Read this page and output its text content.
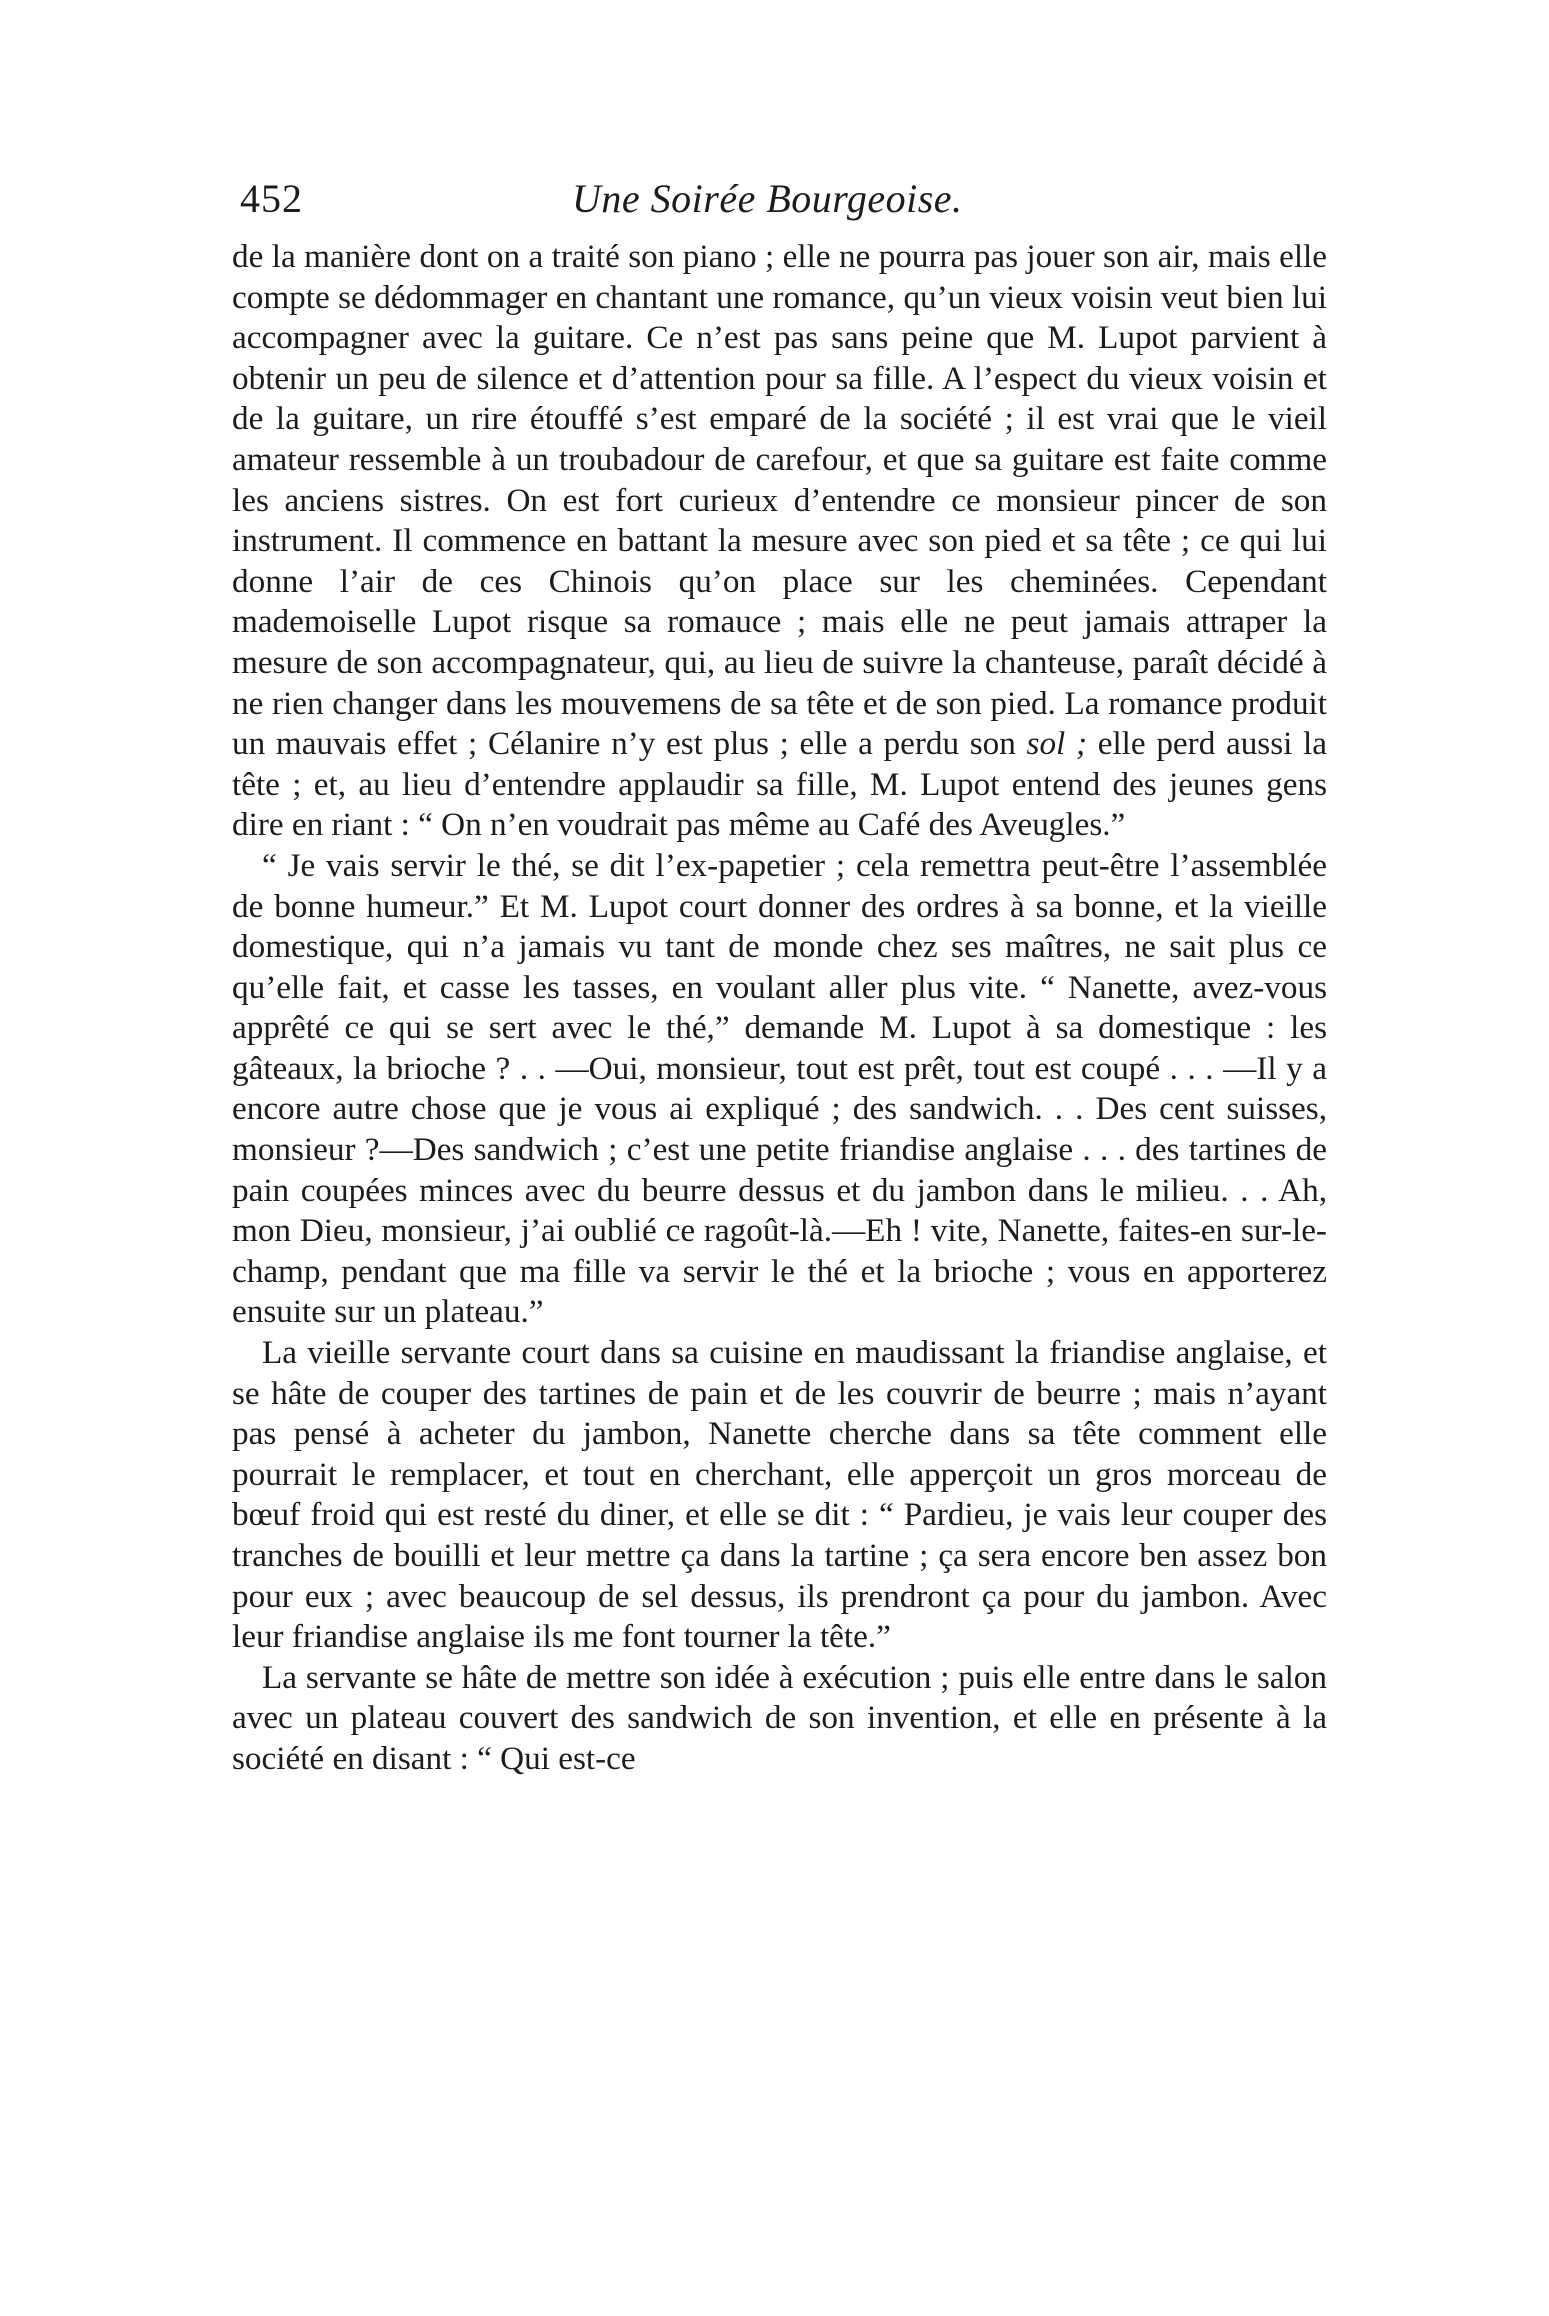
452	Une Soirée Bourgeoise.

de la manière dont on a traité son piano ; elle ne pourra pas jouer son air, mais elle compte se dédommager en chantant une romance, qu’un vieux voisin veut bien lui accompagner avec la guitare. Ce n’est pas sans peine que M. Lupot parvient à obtenir un peu de silence et d’attention pour sa fille. A l’espect du vieux voisin et de la guitare, un rire étouffé s’est emparé de la société ; il est vrai que le vieil amateur ressemble à un troubadour de carefour, et que sa guitare est faite comme les anciens sistres. On est fort curieux d’entendre ce monsieur pincer de son instrument. Il commence en battant la mesure avec son pied et sa tête ; ce qui lui donne l’air de ces Chinois qu’on place sur les cheminées. Cependant mademoiselle Lupot risque sa romauce ; mais elle ne peut jamais attraper la mesure de son accompagnateur, qui, au lieu de suivre la chanteuse, paraît décidé à ne rien changer dans les mouvemens de sa tête et de son pied. La romance produit un mauvais effet ; Célanire n’y est plus ; elle a perdu son sol ; elle perd aussi la tête ; et, au lieu d’entendre applaudir sa fille, M. Lupot entend des jeunes gens dire en riant : “ On n’en voudrait pas même au Café des Aveugles.”

“ Je vais servir le thé, se dit l’ex-papetier ; cela remettra peut-être l’assemblée de bonne humeur.” Et M. Lupot court donner des ordres à sa bonne, et la vieille domestique, qui n’a jamais vu tant de monde chez ses maîtres, ne sait plus ce qu’elle fait, et casse les tasses, en voulant aller plus vite. “ Nanette, avez-vous apprêté ce qui se sert avec le thé,” demande M. Lupot à sa domestique : les gâteaux, la brioche ? . . —Oui, monsieur, tout est prêt, tout est coupé . . . —Il y a encore autre chose que je vous ai expliqué ; des sandwich. . . Des cent suisses, monsieur ?—Des sandwich ; c’est une petite friandise anglaise . . . des tartines de pain coupées minces avec du beurre dessus et du jambon dans le milieu. . . Ah, mon Dieu, monsieur, j’ai oublié ce ragoût-là.—Eh ! vite, Nanette, faites-en sur-le-champ, pendant que ma fille va servir le thé et la brioche ; vous en apporterez ensuite sur un plateau.”

La vieille servante court dans sa cuisine en maudissant la friandise anglaise, et se hâte de couper des tartines de pain et de les couvrir de beurre ; mais n’ayant pas pensé à acheter du jambon, Nanette cherche dans sa tête comment elle pourrait le remplacer, et tout en cherchant, elle apperçoit un gros morceau de bœuf froid qui est resté du diner, et elle se dit : “ Pardieu, je vais leur couper des tranches de bouilli et leur mettre ça dans la tartine ; ça sera encore ben assez bon pour eux ; avec beaucoup de sel dessus, ils prendront ça pour du jambon. Avec leur friandise anglaise ils me font tourner la tête.”

La servante se hâte de mettre son idée à exécution ; puis elle entre dans le salon avec un plateau couvert des sandwich de son invention, et elle en présente à la société en disant : “ Qui est-ce
